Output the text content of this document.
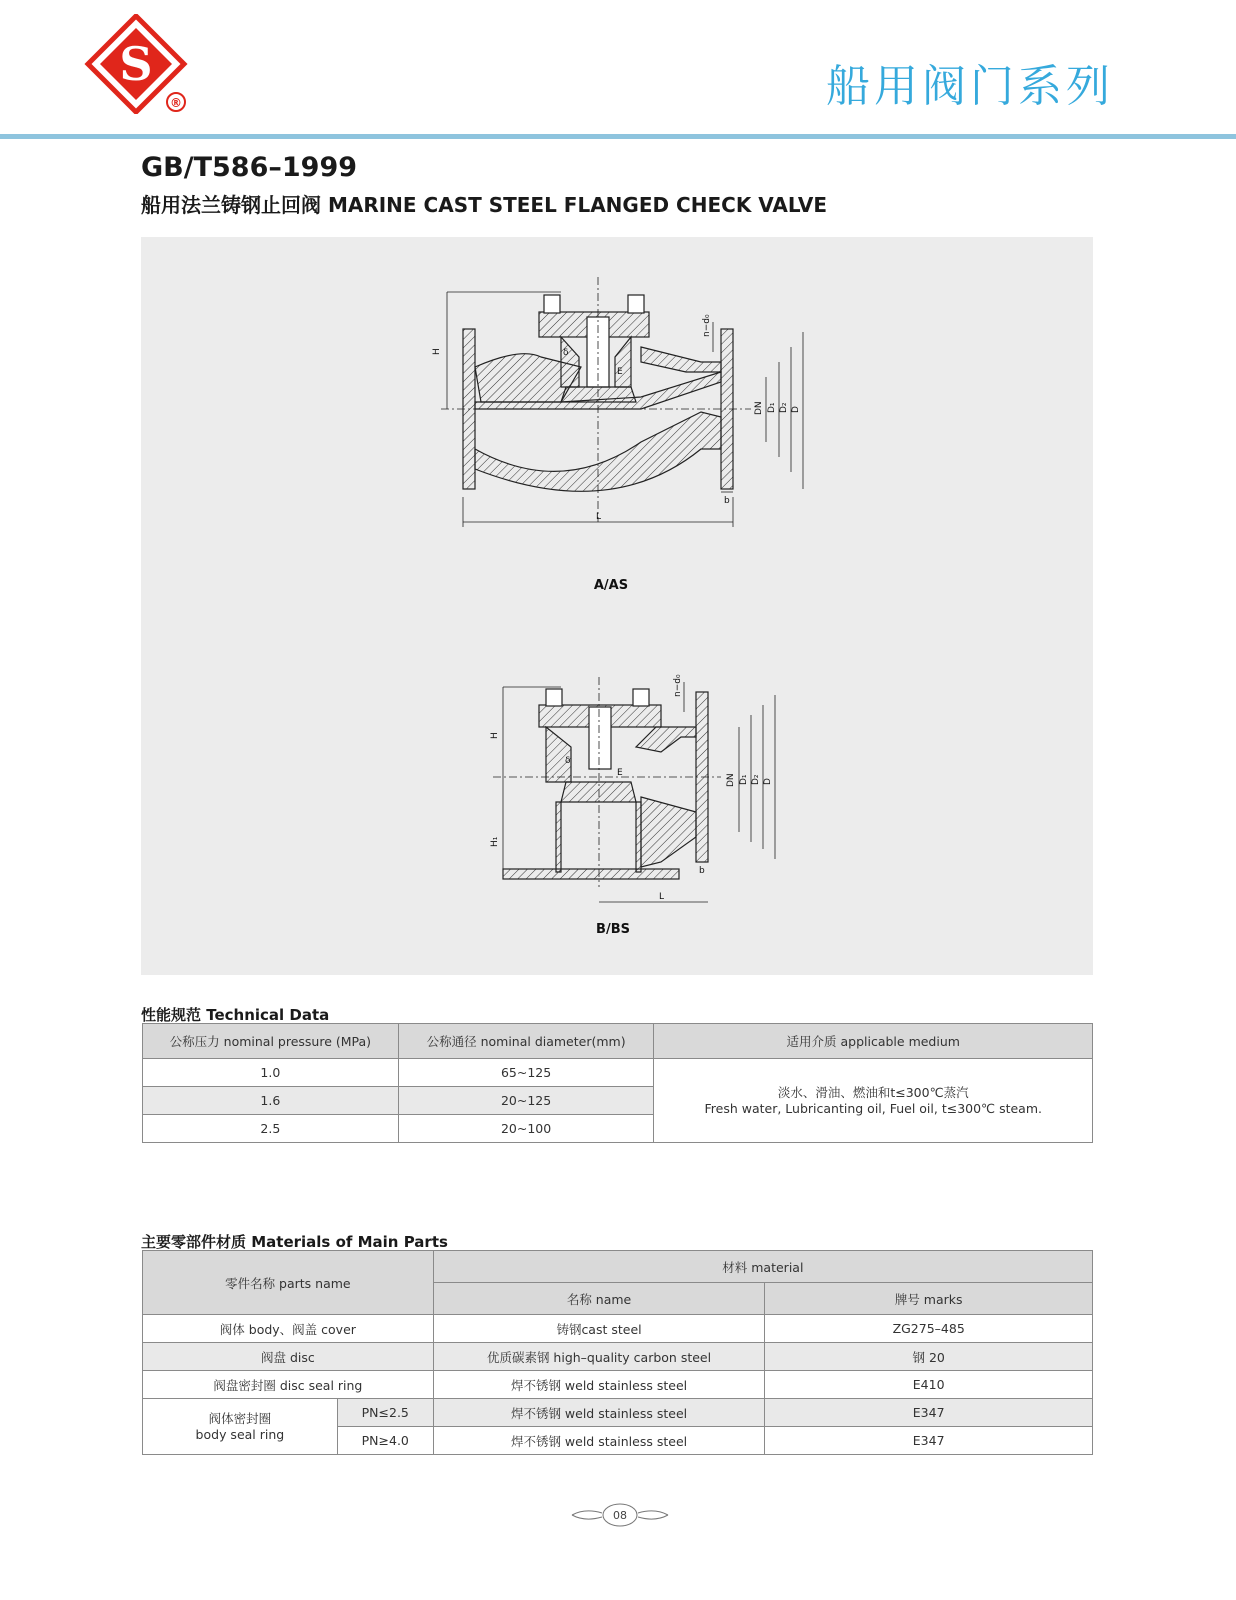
S
®	船用阀门系列
GB/T586–1999
船用法兰铸钢止回阀 MARINE CAST STEEL FLANGED CHECK VALVE
H
L
DN D₁ D₂ D
b
n−d₀
δ
E
A/AS
H
H₁
L
DN D₁ D₂ D
b
n−d₀
δ
E
B/BS
性能规范 Technical Data
公称压力 nominal pressure (MPa)	公称通径 nominal diameter(mm)	适用介质 applicable medium
1.0	65~125	淡水、滑油、燃油和t≤300℃蒸汽
Fresh water, Lubricanting oil, Fuel oil, t≤300℃ steam.

1.6	20~125	
2.5	20~100	
主要零部件材质 Materials of Main Parts
零件名称 parts name		材料 material	
		名称 name	牌号 marks
阀体 body、阀盖 cover		铸钢cast steel	ZG275–485
阀盘 disc		优质碳素钢 high–quality carbon steel	钢 20
阀盘密封圈 disc seal ring		焊不锈钢 weld stainless steel	E410

阀体密封圈
body seal ring	PN≤2.5	焊不锈钢 weld stainless steel	E347
	PN≥4.0	焊不锈钢 weld stainless steel	E347
08
